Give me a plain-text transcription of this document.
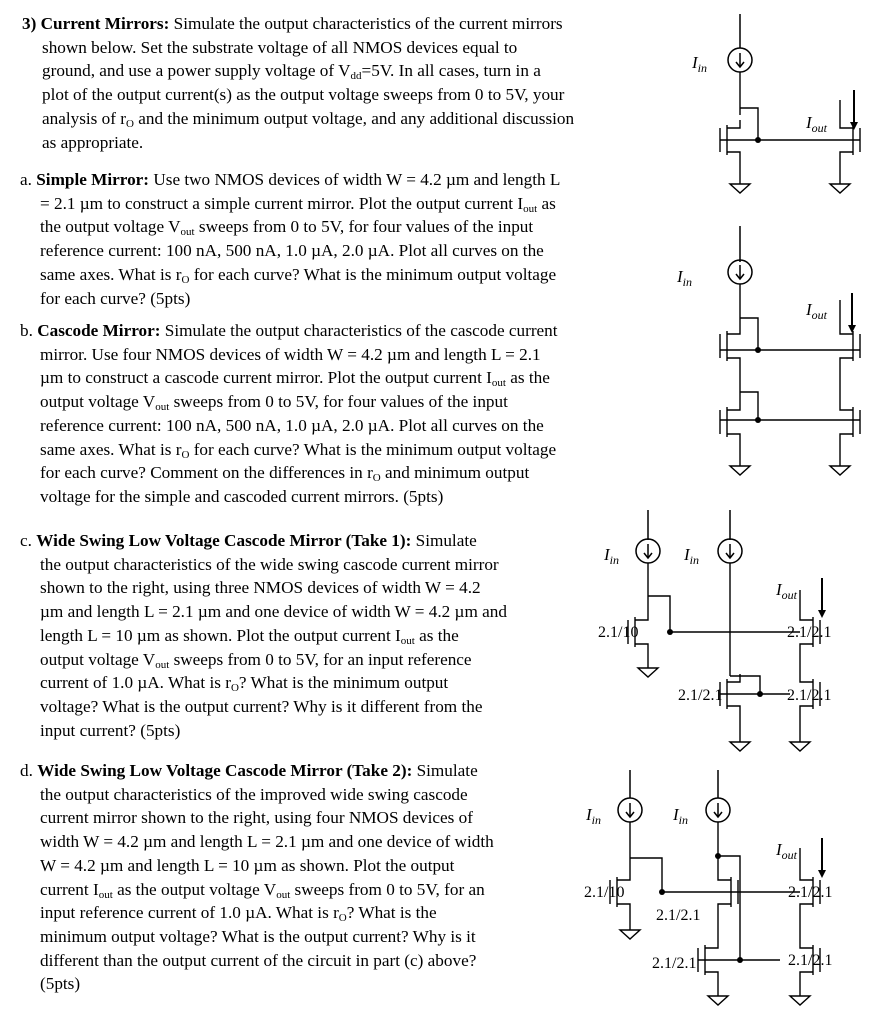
3) Current Mirrors: Simulate the output characteristics of the current mirrors
shown below. Set the substrate voltage of all NMOS devices equal to
ground, and use a power supply voltage of $V_{dd}=5V$. In all cases, turn in a
plot of the output current(s) as the output voltage sweeps from 0 to 5V, your
analysis of $r_O$ and the minimum output voltage, and any additional discussion
as appropriate.
a. Simple Mirror: Use two NMOS devices of width W = 4.2 µm and length L
= 2.1 µm to construct a simple current mirror. Plot the output current $I_{out}$ as
the output voltage $V_{out}$ sweeps from 0 to 5V, for four values of the input
reference current: 100 nA, 500 nA, 1.0 µA, 2.0 µA. Plot all curves on the
same axes. What is $r_O$ for each curve? What is the minimum output voltage
for each curve? (5pts)
b. Cascode Mirror: Simulate the output characteristics of the cascode current
mirror. Use four NMOS devices of width W = 4.2 µm and length L = 2.1
µm to construct a cascode current mirror. Plot the output current $I_{out}$ as the
output voltage $V_{out}$ sweeps from 0 to 5V, for four values of the input
reference current: 100 nA, 500 nA, 1.0 µA, 2.0 µA. Plot all curves on the
same axes. What is $r_O$ for each curve? What is the minimum output voltage
for each curve? Comment on the differences in $r_O$ and minimum output
voltage for the simple and cascoded current mirrors. (5pts)
c. Wide Swing Low Voltage Cascode Mirror (Take 1): Simulate
the output characteristics of the wide swing cascode current mirror
shown to the right, using three NMOS devices of width W = 4.2
µm and length L = 2.1 µm and one device of width W = 4.2 µm and
length L = 10 µm as shown. Plot the output current $I_{out}$ as the
output voltage $V_{out}$ sweeps from 0 to 5V, for an input reference
current of 1.0 µA. What is $r_O$? What is the minimum output
voltage? What is the output current? Why is it different from the
input current? (5pts)
d. Wide Swing Low Voltage Cascode Mirror (Take 2): Simulate
the output characteristics of the improved wide swing cascode
current mirror shown to the right, using four NMOS devices of
width W = 4.2 µm and length L = 2.1 µm and one device of width
W = 4.2 µm and length L = 10 µm as shown. Plot the output
current $I_{out}$ as the output voltage $V_{out}$ sweeps from 0 to 5V, for an
input reference current of 1.0 µA. What is $r_O$? What is the
minimum output voltage? What is the output current? Why is it
different than the output current of the circuit in part (c) above?
(5pts)
$I_{in}$
$I_{out}$
$I_{in}$
$I_{out}$
$I_{in}$	$I_{in}$
2.1/10
2.1/2.1
2.1/2.1
2.1/2.1
$I_{out}$
$I_{in}$	$I_{in}$
2.1/10
2.1/2.1
2.1/2.1
2.1/2.1
2.1/2.1
$I_{out}$
